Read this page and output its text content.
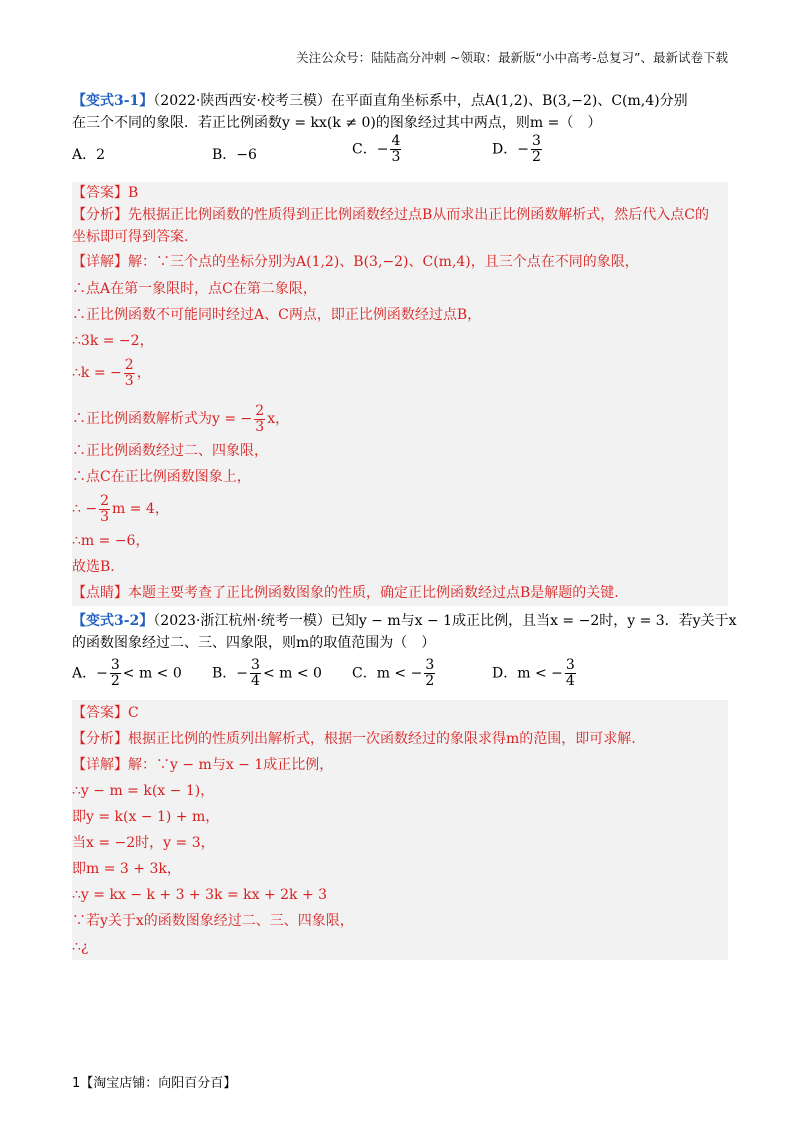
关注公众号：陆陆高分冲刺 ~领取：最新版“小中高考-总复习”、最新试卷下载
【变式3-1】（2022·陕西西安·校考三模）在平面直角坐标系中，点A(1,2)、B(3,−2)、C(m,4)分别
在三个不同的象限．若正比例函数y = kx(k ≠ 0)的图象经过其中两点，则m =（　）
A．2	B．−6	C．− $\frac{4}{3}$	D．− $\frac{3}{2}$
【答案】B
【分析】先根据正比例函数的性质得到正比例函数经过点B从而求出正比例函数解析式，然后代入点C的
坐标即可得到答案.
【详解】解：∵三个点的坐标分别为A(1,2)、B(3,−2)、C(m,4)，且三个点在不同的象限，
∴点A在第一象限时，点C在第二象限，
∴正比例函数不可能同时经过A、C两点，即正比例函数经过点B，
∴3k = −2，
∴k = − $\frac{2}{3}$ ，
∴正比例函数解析式为y = − $\frac{2}{3}$ x，
∴正比例函数经过二、四象限，
∴点C在正比例函数图象上，
∴ − $\frac{2}{3}$ m = 4，
∴m = −6，
故选B.
【点睛】本题主要考查了正比例函数图象的性质，确定正比例函数经过点B是解题的关键.
【变式3-2】（2023·浙江杭州·统考一模）已知y − m与x − 1成正比例，且当x = −2时，y = 3．若y关于x
的函数图象经过二、三、四象限，则m的取值范围为（　）
A．− $\frac{3}{2} < m < 0$ B．− $\frac{3}{4} < m < 0$ C．m < − $\frac{3}{2}$	D．m < − $\frac{3}{4}$
【答案】C
【分析】根据正比例的性质列出解析式，根据一次函数经过的象限求得m的范围，即可求解.
【详解】解：∵y − m与x − 1成正比例，
∴y − m = k(x − 1)，
即y = k(x − 1) + m，
当x = −2时，y = 3，
即m = 3 + 3k，
∴y = kx − k + 3 + 3k = kx + 2k + 3
∵若y关于x的函数图象经过二、三、四象限，
∴¿
1【淘宝店铺：向阳百分百】
